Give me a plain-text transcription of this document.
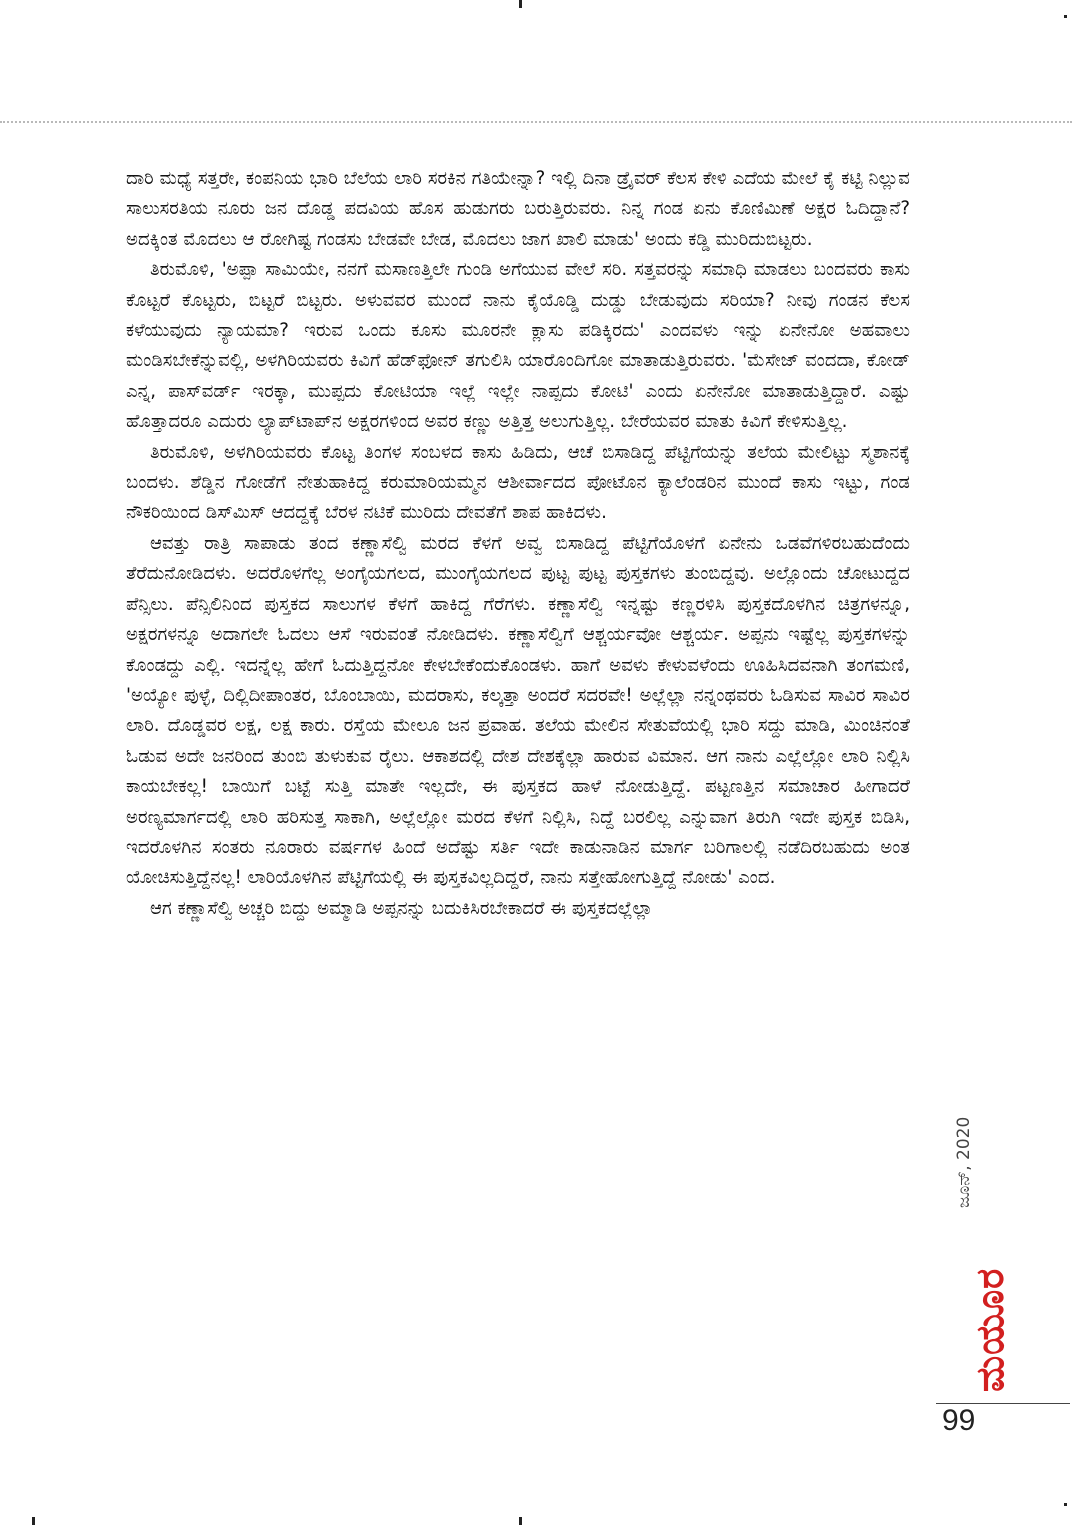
ದಾರಿ ಮಧ್ಯೆ ಸತ್ತರೇ, ಕಂಪನಿಯ ಭಾರಿ ಬೆಲೆಯ ಲಾರಿ ಸರಕಿನ ಗತಿಯೇನ್ನಾ? ಇಲ್ಲಿ ದಿನಾ ಡ್ರೈವರ್ ಕೆಲಸ ಕೇಳಿ ಎದೆಯ ಮೇಲೆ ಕೈ ಕಟ್ಟಿ ನಿಲ್ಲುವ ಸಾಲುಸರತಿಯ ನೂರು ಜನ ದೊಡ್ಡ ಪದವಿಯ ಹೊಸ ಹುಡುಗರು ಬರುತ್ತಿರುವರು. ನಿನ್ನ ಗಂಡ ಏನು ಕೊಣಿಮಿಣೆ ಅಕ್ಷರ ಓದಿದ್ದಾನೆ? ಅದಕ್ಕಿಂತ ಮೊದಲು ಆ ರೋಗಿಷ್ಟ ಗಂಡಸು ಬೇಡವೇ ಬೇಡ, ಮೊದಲು ಜಾಗ ಖಾಲಿ ಮಾಡು' ಅಂದು ಕಡ್ಡಿ ಮುರಿದುಬಿಟ್ಟರು.

ತಿರುಮೊಳಿ, 'ಅಪ್ಪಾ ಸಾಮಿಯೇ, ನನಗೆ ಮಸಾಣತ್ತಿಲೇ ಗುಂಡಿ ಅಗೆಯುವ ವೇಲೆ ಸರಿ. ಸತ್ತವರನ್ನು ಸಮಾಧಿ ಮಾಡಲು ಬಂದವರು ಕಾಸು ಕೊಟ್ಟರೆ ಕೊಟ್ಟರು, ಬಿಟ್ಟರೆ ಬಿಟ್ಟರು. ಅಳುವವರ ಮುಂದೆ ನಾನು ಕೈಯೊಡ್ಡಿ ದುಡ್ಡು ಬೇಡುವುದು ಸರಿಯಾ? ನೀವು ಗಂಡನ ಕೆಲಸ ಕಳೆಯುವುದು ನ್ಯಾಯಮಾ? ಇರುವ ಒಂದು ಕೂಸು ಮೂರನೇ ಕ್ಲಾಸು ಪಡಿಕ್ಕಿರದು' ಎಂದವಳು ಇನ್ನು ಏನೇನೋ ಅಹವಾಲು ಮಂಡಿಸಬೇಕೆನ್ನುವಲ್ಲಿ, ಅಳಗಿರಿಯವರು ಕಿವಿಗೆ ಹೆಡ್‌ಫೋನ್ ತಗುಲಿಸಿ ಯಾರೊಂದಿಗೋ ಮಾತಾಡುತ್ತಿರುವರು. 'ಮೆಸೇಜ್ ವಂದದಾ, ಕೋಡ್ ಎನ್ನ, ಪಾಸ್‌ವರ್ಡ್ ಇರಕ್ಕಾ, ಮುಪ್ಪದು ಕೋಟಿಯಾ ಇಲ್ಲೆ ಇಲ್ಲೇ ನಾಪ್ಪದು ಕೋಟಿ' ಎಂದು ಏನೇನೋ ಮಾತಾಡುತ್ತಿದ್ದಾರೆ. ಎಷ್ಟು ಹೊತ್ತಾದರೂ ಎದುರು ಲ್ಯಾಪ್‌ಟಾಪ್‌ನ ಅಕ್ಷರಗಳಿಂದ ಅವರ ಕಣ್ಣು ಅತ್ತಿತ್ತ ಅಲುಗುತ್ತಿಲ್ಲ. ಬೇರೆಯವರ ಮಾತು ಕಿವಿಗೆ ಕೇಳಿಸುತ್ತಿಲ್ಲ.

ತಿರುಮೊಳಿ, ಅಳಗಿರಿಯವರು ಕೊಟ್ಟ ತಿಂಗಳ ಸಂಬಳದ ಕಾಸು ಹಿಡಿದು, ಆಚೆ ಬಿಸಾಡಿದ್ದ ಪೆಟ್ಟಿಗೆಯನ್ನು ತಲೆಯ ಮೇಲಿಟ್ಟು ಸ್ಮಶಾನಕ್ಕೆ ಬಂದಳು. ಶೆಡ್ಡಿನ ಗೋಡೆಗೆ ನೇತುಹಾಕಿದ್ದ ಕರುಮಾರಿಯಮ್ಮನ ಆಶೀರ್ವಾದದ ಪೋಟೊನ ಕ್ಯಾಲೆಂಡರಿನ ಮುಂದೆ ಕಾಸು ಇಟ್ಟು, ಗಂಡ ನೌಕರಿಯಿಂದ ಡಿಸ್‌ಮಿಸ್ ಆದದ್ದಕ್ಕೆ ಬೆರಳ ನಟಿಕೆ ಮುರಿದು ದೇವತೆಗೆ ಶಾಪ ಹಾಕಿದಳು.

ಆವತ್ತು ರಾತ್ರಿ ಸಾಪಾಡು ತಂದ ಕಣ್ಣಾಸೆಲ್ವಿ ಮರದ ಕೆಳಗೆ ಅವ್ವ ಬಿಸಾಡಿದ್ದ ಪೆಟ್ಟಿಗೆಯೊಳಗೆ ಏನೇನು ಒಡವೆಗಳಿರಬಹುದೆಂದು ತೆರೆದುನೋಡಿದಳು. ಅದರೊಳಗೆಲ್ಲ ಅಂಗೈಯಗಲದ, ಮುಂಗೈಯಗಲದ ಪುಟ್ಟ ಪುಟ್ಟ ಪುಸ್ತಕಗಳು ತುಂಬಿದ್ದವು. ಅಲ್ಲೊಂದು ಚೋಟುದ್ದದ ಪೆನ್ಸಿಲು. ಪೆನ್ಸಿಲಿನಿಂದ ಪುಸ್ತಕದ ಸಾಲುಗಳ ಕೆಳಗೆ ಹಾಕಿದ್ದ ಗೆರೆಗಳು. ಕಣ್ಣಾಸೆಲ್ವಿ ಇನ್ನಷ್ಟು ಕಣ್ಣರಳಿಸಿ ಪುಸ್ತಕದೊಳಗಿನ ಚಿತ್ರಗಳನ್ನೂ, ಅಕ್ಷರಗಳನ್ನೂ ಅದಾಗಲೇ ಓದಲು ಆಸೆ ಇರುವಂತೆ ನೋಡಿದಳು. ಕಣ್ಣಾಸೆಲ್ವಿಗೆ ಆಶ್ಚರ್ಯವೋ ಆಶ್ಚರ್ಯ. ಅಪ್ಪನು ಇಷ್ಟೆಲ್ಲ ಪುಸ್ತಕಗಳನ್ನು ಕೊಂಡದ್ದು ಎಲ್ಲಿ. ಇದನ್ನೆಲ್ಲ ಹೇಗೆ ಓದುತ್ತಿದ್ದನೋ ಕೇಳಬೇಕೆಂದುಕೊಂಡಳು. ಹಾಗೆ ಅವಳು ಕೇಳುವಳೆಂದು ಊಹಿಸಿದವನಾಗಿ ತಂಗಮಣಿ, 'ಅಯ್ಯೋ ಪುಳ್ಳೆ, ದಿಲ್ಲಿದೀಪಾಂತರ, ಬೊಂಬಾಯಿ, ಮದರಾಸು, ಕಲ್ಕತ್ತಾ ಅಂದರೆ ಸದರವೇ! ಅಲ್ಲೆಲ್ಲಾ ನನ್ನಂಥವರು ಓಡಿಸುವ ಸಾವಿರ ಸಾವಿರ ಲಾರಿ. ದೊಡ್ಡವರ ಲಕ್ಷ, ಲಕ್ಷ ಕಾರು. ರಸ್ತೆಯ ಮೇಲೂ ಜನ ಪ್ರವಾಹ. ತಲೆಯ ಮೇಲಿನ ಸೇತುವೆಯಲ್ಲಿ ಭಾರಿ ಸದ್ದು ಮಾಡಿ, ಮಿಂಚಿನಂತೆ ಓಡುವ ಅದೇ ಜನರಿಂದ ತುಂಬಿ ತುಳುಕುವ ರೈಲು. ಆಕಾಶದಲ್ಲಿ ದೇಶ ದೇಶಕ್ಕೆಲ್ಲಾ ಹಾರುವ ವಿಮಾನ. ಆಗ ನಾನು ಎಲ್ಲೆಲ್ಲೋ ಲಾರಿ ನಿಲ್ಲಿಸಿ ಕಾಯಬೇಕಲ್ಲ! ಬಾಯಿಗೆ ಬಟ್ಟೆ ಸುತ್ತಿ ಮಾತೇ ಇಲ್ಲದೇ, ಈ ಪುಸ್ತಕದ ಹಾಳೆ ನೋಡುತ್ತಿದ್ದೆ. ಪಟ್ಟಣತ್ತಿನ ಸಮಾಚಾರ ಹೀಗಾದರೆ ಅರಣ್ಯಮಾರ್ಗದಲ್ಲಿ ಲಾರಿ ಹರಿಸುತ್ತ ಸಾಕಾಗಿ, ಅಲ್ಲೆಲ್ಲೋ ಮರದ ಕೆಳಗೆ ನಿಲ್ಲಿಸಿ, ನಿದ್ದೆ ಬರಲಿಲ್ಲ ಎನ್ನುವಾಗ ತಿರುಗಿ ಇದೇ ಪುಸ್ತಕ ಬಿಡಿಸಿ, ಇದರೊಳಗಿನ ಸಂತರು ನೂರಾರು ವರ್ಷಗಳ ಹಿಂದೆ ಅದೆಷ್ಟು ಸರ್ತಿ ಇದೇ ಕಾಡುನಾಡಿನ ಮಾರ್ಗ ಬರಿಗಾಲಲ್ಲಿ ನಡೆದಿರಬಹುದು ಅಂತ ಯೋಚಿಸುತ್ತಿದ್ದೆನಲ್ಲ! ಲಾರಿಯೊಳಗಿನ ಪೆಟ್ಟಿಗೆಯಲ್ಲಿ ಈ ಪುಸ್ತಕವಿಲ್ಲದಿದ್ದರೆ, ನಾನು ಸತ್ತೇಹೋಗುತ್ತಿದ್ದೆ ನೋಡು' ಎಂದ.

ಆಗ ಕಣ್ಣಾಸೆಲ್ವಿ ಅಚ್ಚರಿ ಬಿದ್ದು ಅಮ್ಮಾಡಿ ಅಪ್ಪನನ್ನು ಬದುಕಿಸಿರಬೇಕಾದರೆ ಈ ಪುಸ್ತಕದಲ್ಲೆಲ್ಲಾ

ಜೂನ್, 2020
ಮಯೂರ
99
